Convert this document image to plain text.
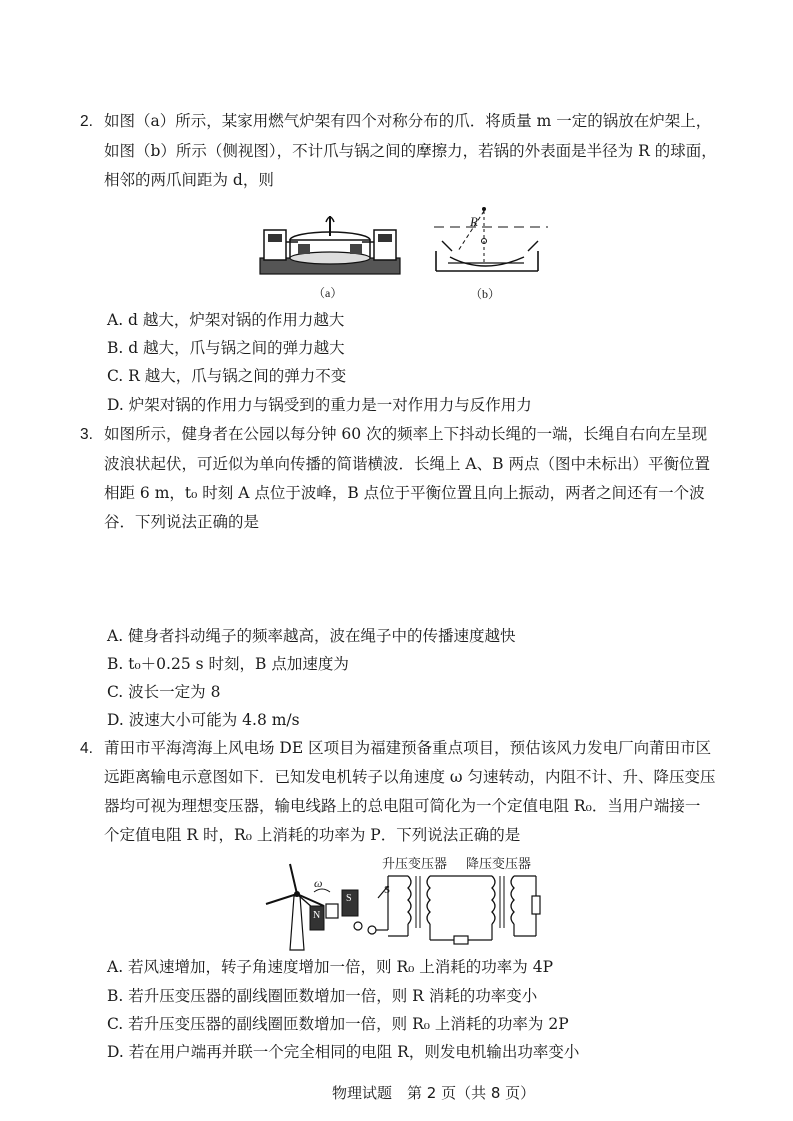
2. 如图（a）所示，某家用燃气炉架有四个对称分布的爪．将质量 m 一定的锅放在炉架上，
如图（b）所示（侧视图），不计爪与锅之间的摩擦力，若锅的外表面是半径为 R 的球面，
相邻的两爪间距为 d，则
（a）
R
（b）
A. d 越大，炉架对锅的作用力越大
B. d 越大，爪与锅之间的弹力越大
C. R 越大，爪与锅之间的弹力不变
D. 炉架对锅的作用力与锅受到的重力是一对作用力与反作用力
3. 如图所示，健身者在公园以每分钟 60 次的频率上下抖动长绳的一端，长绳自右向左呈现
波浪状起伏，可近似为单向传播的简谐横波．长绳上 A、B 两点（图中未标出）平衡位置
相距 6 m，t₀ 时刻 A 点位于波峰，B 点位于平衡位置且向上振动，两者之间还有一个波
谷．下列说法正确的是
A. 健身者抖动绳子的频率越高，波在绳子中的传播速度越快
B. t₀＋0.25 s 时刻，B 点加速度为
C. 波长一定为 8
D. 波速大小可能为 4.8 m/s
4. 莆田市平海湾海上风电场 DE 区项目为福建预备重点项目，预估该风力发电厂向莆田市区
远距离输电示意图如下．已知发电机转子以角速度 ω 匀速转动，内阻不计、升、降压变压
器均可视为理想变压器，输电线路上的总电阻可简化为一个定值电阻 R₀．当用户端接一
个定值电阻 R 时，R₀ 上消耗的功率为 P．下列说法正确的是
升压变压器 降压变压器
ω	S
S
N
A. 若风速增加，转子角速度增加一倍，则 R₀ 上消耗的功率为 4P
B. 若升压变压器的副线圈匝数增加一倍，则 R 消耗的功率变小
C. 若升压变压器的副线圈匝数增加一倍，则 R₀ 上消耗的功率为 2P
D. 若在用户端再并联一个完全相同的电阻 R，则发电机输出功率变小
物理试题　第 2 页（共 8 页）
